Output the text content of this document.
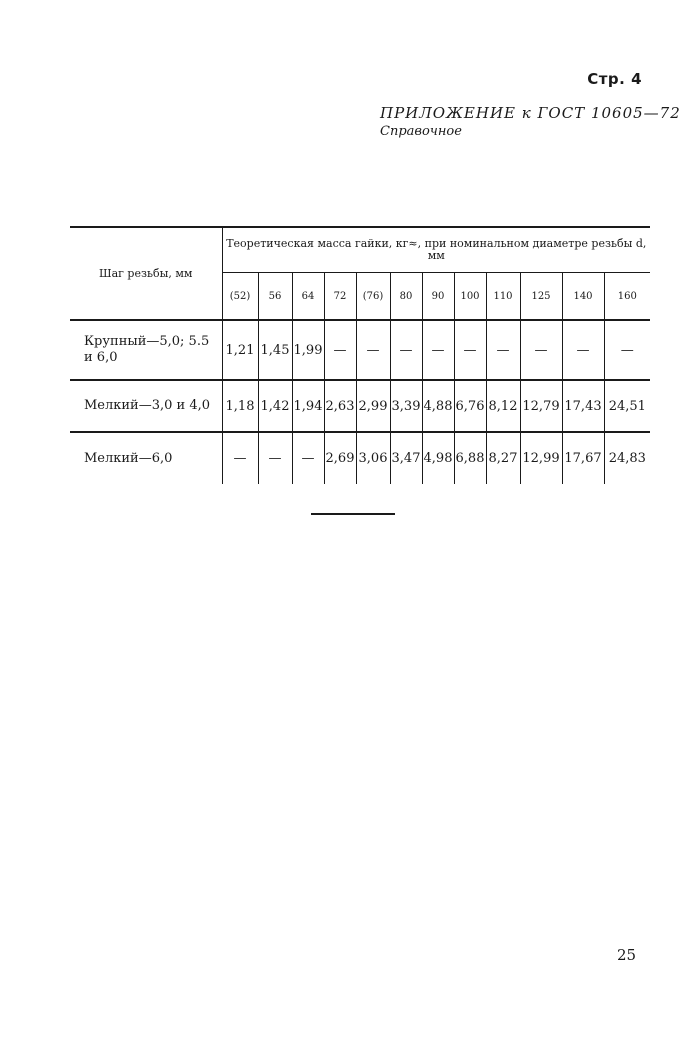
Стр. 4
ПРИЛОЖЕНИЕ к ГОСТ 10605—72
Справочное
Шаг резьбы, мм	Теоретическая масса гайки, кг≈, при номинальном диаметре резьбы d, мм											
	(52)	56	64	72	(76)	80	90	100	110	125	140	160
Крупный—5,0; 5.5 и 6,0	1,21	1,45	1,99	—	—	—	—	—	—	—	—	—
Мелкий—3,0 и 4,0	1,18	1,42	1,94	2,63	2,99	3,39	4,88	6,76	8,12	12,79	17,43	24,51
Мелкий—6,0	—	—	—	2,69	3,06	3,47	4,98	6,88	8,27	12,99	17,67	24,83
25
